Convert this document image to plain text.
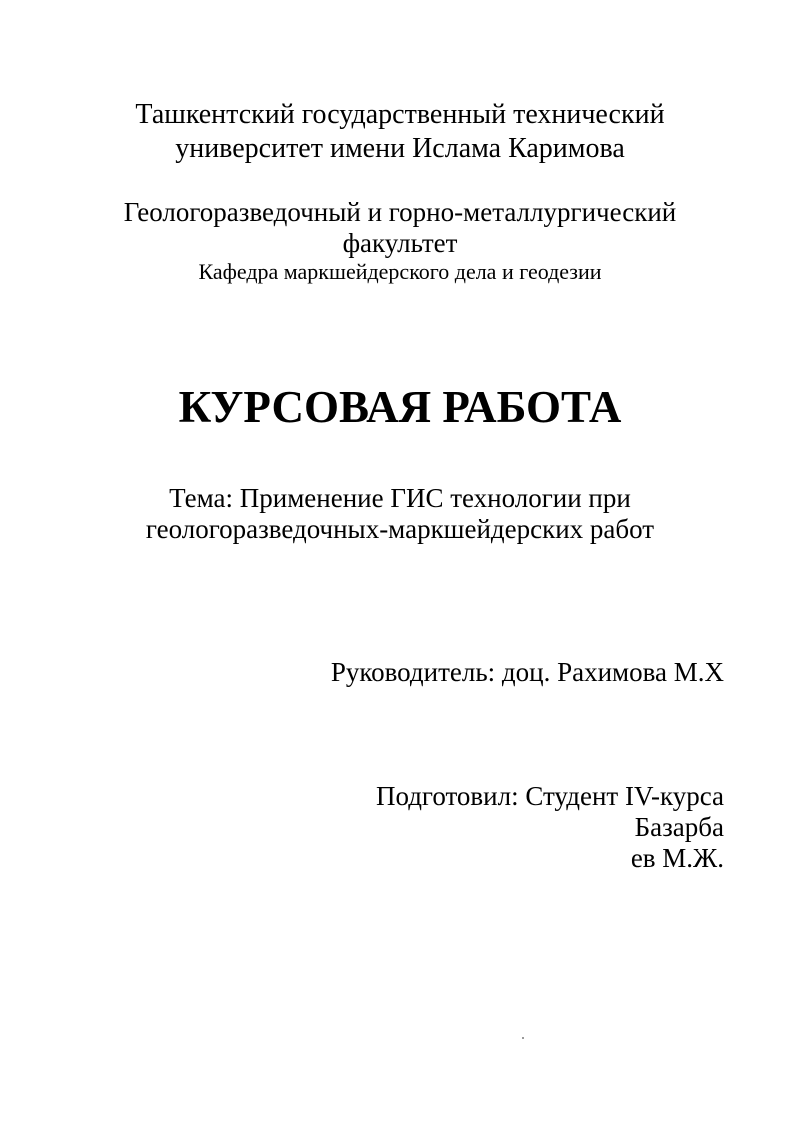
Ташкентский государственный технический
университет имени Ислама Каримова
Геологоразведочный и горно-металлургический
факультет
Кафедра маркшейдерского дела и геодезии
КУРСОВАЯ РАБОТА
Тема: Применение ГИС технологии при
геологоразведочных-маркшейдерских работ
Руководитель: доц. Рахимова М.Х
Подготовил: Студент IV-курса
Базарба
ев М.Ж.
